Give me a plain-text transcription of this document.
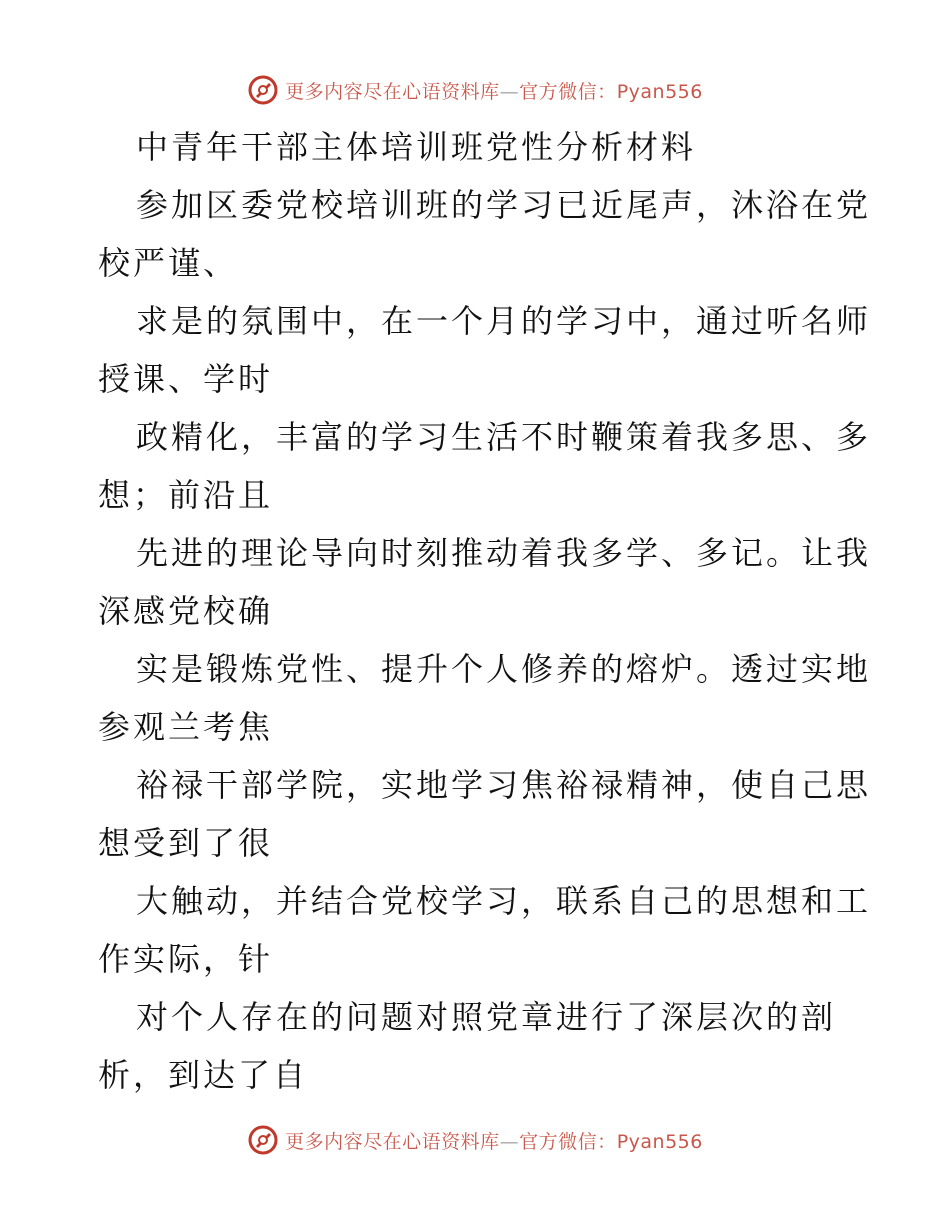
更多内容尽在心语资料库—官方微信：Pyan556
中青年干部主体培训班党性分析材料
参加区委党校培训班的学习已近尾声，沐浴在党
校严谨、
求是的氛围中，在一个月的学习中，通过听名师
授课、学时
政精化，丰富的学习生活不时鞭策着我多思、多
想；前沿且
先进的理论导向时刻推动着我多学、多记。让我
深感党校确
实是锻炼党性、提升个人修养的熔炉。透过实地
参观兰考焦
裕禄干部学院，实地学习焦裕禄精神，使自己思
想受到了很
大触动，并结合党校学习，联系自己的思想和工
作实际，针
对个人存在的问题对照党章进行了深层次的剖
析，到达了自
更多内容尽在心语资料库—官方微信：Pyan556
